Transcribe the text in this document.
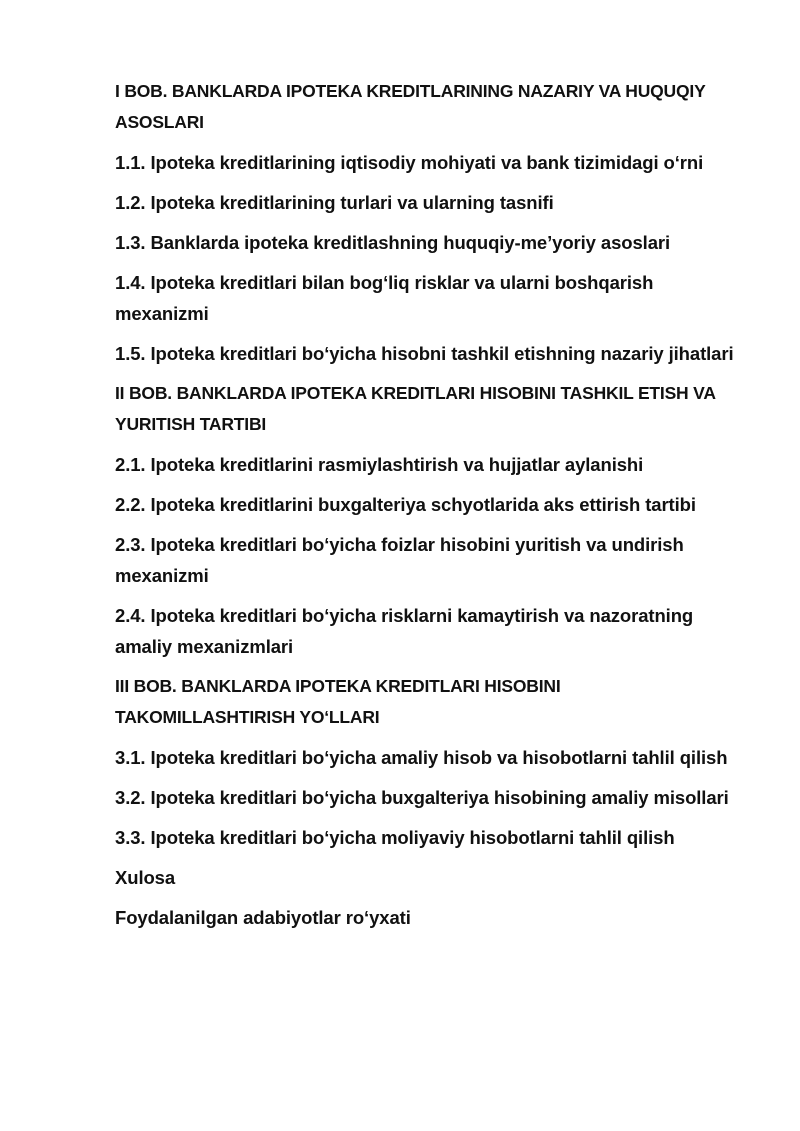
I BOB. BANKLARDA IPOTEKA KREDITLARINING NAZARIY VA HUQUQIY ASOSLARI
1.1. Ipoteka kreditlarining iqtisodiy mohiyati va bank tizimidagi o‘rni
1.2. Ipoteka kreditlarining turlari va ularning tasnifi
1.3. Banklarda ipoteka kreditlashning huquqiy-me’yoriy asoslari
1.4. Ipoteka kreditlari bilan bog‘liq risklar va ularni boshqarish mexanizmi
1.5. Ipoteka kreditlari bo‘yicha hisobni tashkil etishning nazariy jihatlari
II BOB. BANKLARDA IPOTEKA KREDITLARI HISOBINI TASHKIL ETISH VA YURITISH TARTIBI
2.1. Ipoteka kreditlarini rasmiylashtirish va hujjatlar aylanishi
2.2. Ipoteka kreditlarini buxgalteriya schyotlarida aks ettirish tartibi
2.3. Ipoteka kreditlari bo‘yicha foizlar hisobini yuritish va undirish mexanizmi
2.4. Ipoteka kreditlari bo‘yicha risklarni kamaytirish va nazoratning amaliy mexanizmlari
III BOB. BANKLARDA IPOTEKA KREDITLARI HISOBINI TAKOMILLASHTIRISH YO‘LLARI
3.1. Ipoteka kreditlari bo‘yicha amaliy hisob va hisobotlarni tahlil qilish
3.2. Ipoteka kreditlari bo‘yicha buxgalteriya hisobining amaliy misollari
3.3. Ipoteka kreditlari bo‘yicha moliyaviy hisobotlarni tahlil qilish
Xulosa
Foydalanilgan adabiyotlar ro‘yxati
